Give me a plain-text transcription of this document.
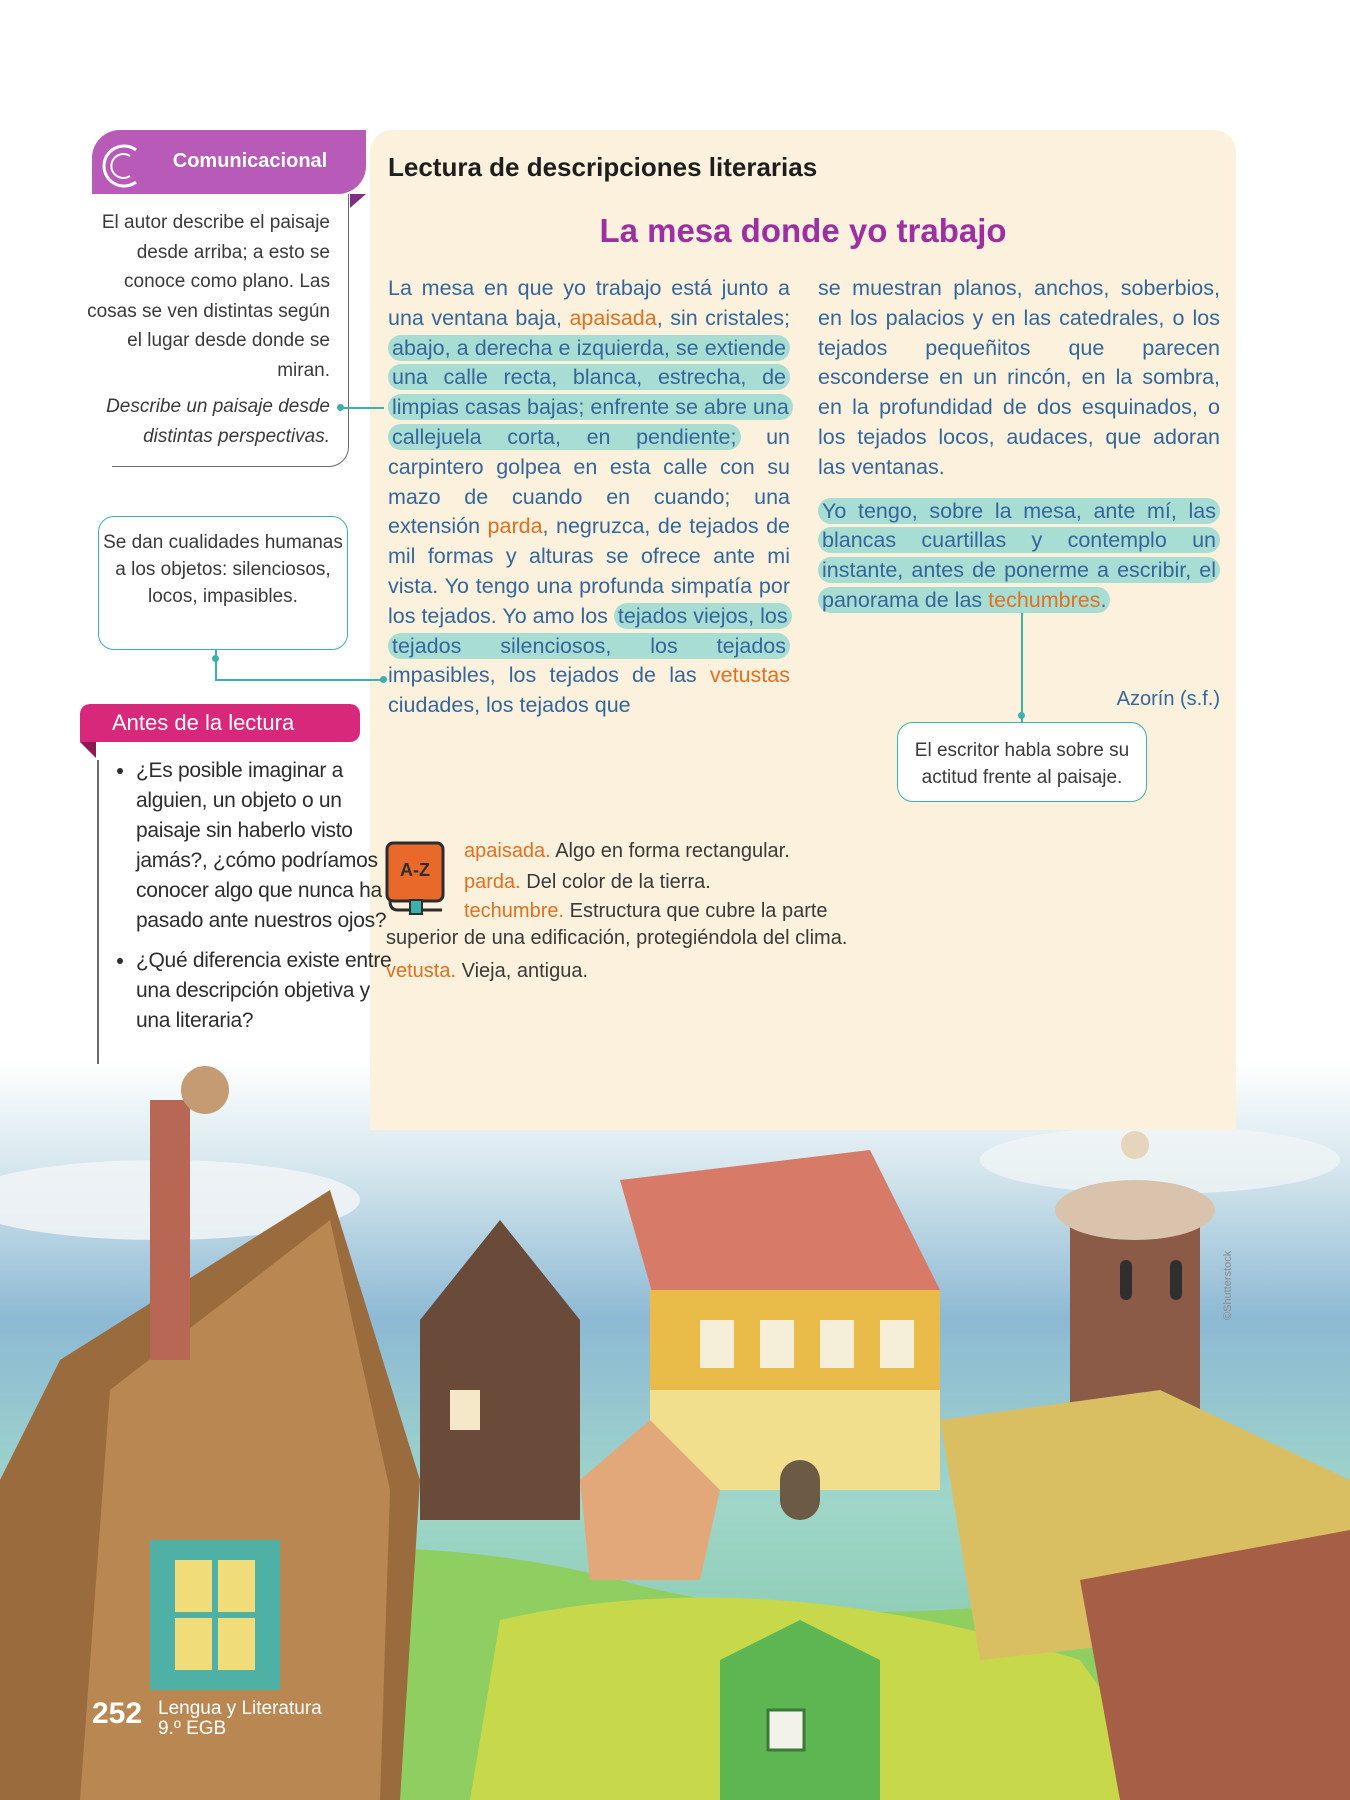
Comunicacional
El autor describe el paisaje desde arriba; a esto se conoce como plano. Las cosas se ven distintas según el lugar desde donde se miran.
Describe un paisaje desde distintas perspectivas.
Se dan cualidades humanas a los objetos: silenciosos, locos, impasibles.
El escritor habla sobre su actitud frente al paisaje.
Antes de la lectura
• ¿Es posible imaginar a alguien, un objeto o un paisaje sin haberlo visto jamás?, ¿cómo podríamos conocer algo que nunca ha pasado ante nuestros ojos?
• ¿Qué diferencia existe entre una descripción objetiva y una literaria?
Lectura de descripciones literarias
La mesa donde yo trabajo
La mesa en que yo trabajo está junto a una ventana baja, apaisada, sin cristales; abajo, a derecha e izquierda, se extiende una calle recta, blanca, estrecha, de limpias casas bajas; enfrente se abre una callejuela corta, en pendiente; un carpintero golpea en esta calle con su mazo de cuando en cuando; una extensión parda, negruzca, de tejados de mil formas y alturas se ofrece ante mi vista. Yo tengo una profunda simpatía por los tejados. Yo amo los tejados viejos, los tejados silenciosos, los tejados impasibles, los tejados de las vetustas ciudades, los tejados que
se muestran planos, anchos, soberbios, en los palacios y en las catedrales, o los tejados pequeñitos que parecen esconderse en un rincón, en la sombra, en la profundidad de dos esquinados, o los tejados locos, audaces, que adoran las ventanas.
Yo tengo, sobre la mesa, ante mí, las blancas cuartillas y contemplo un instante, antes de ponerme a escribir, el panorama de las techumbres.
Azorín (s.f.)
A-Z
apaisada. Algo en forma rectangular.
parda. Del color de la tierra.
techumbre. Estructura que cubre la parte superior de una edificación, protegiéndola del clima.
vetusta. Vieja, antigua.
252 Lengua y Literatura
9.º EGB
©Shutterstock
